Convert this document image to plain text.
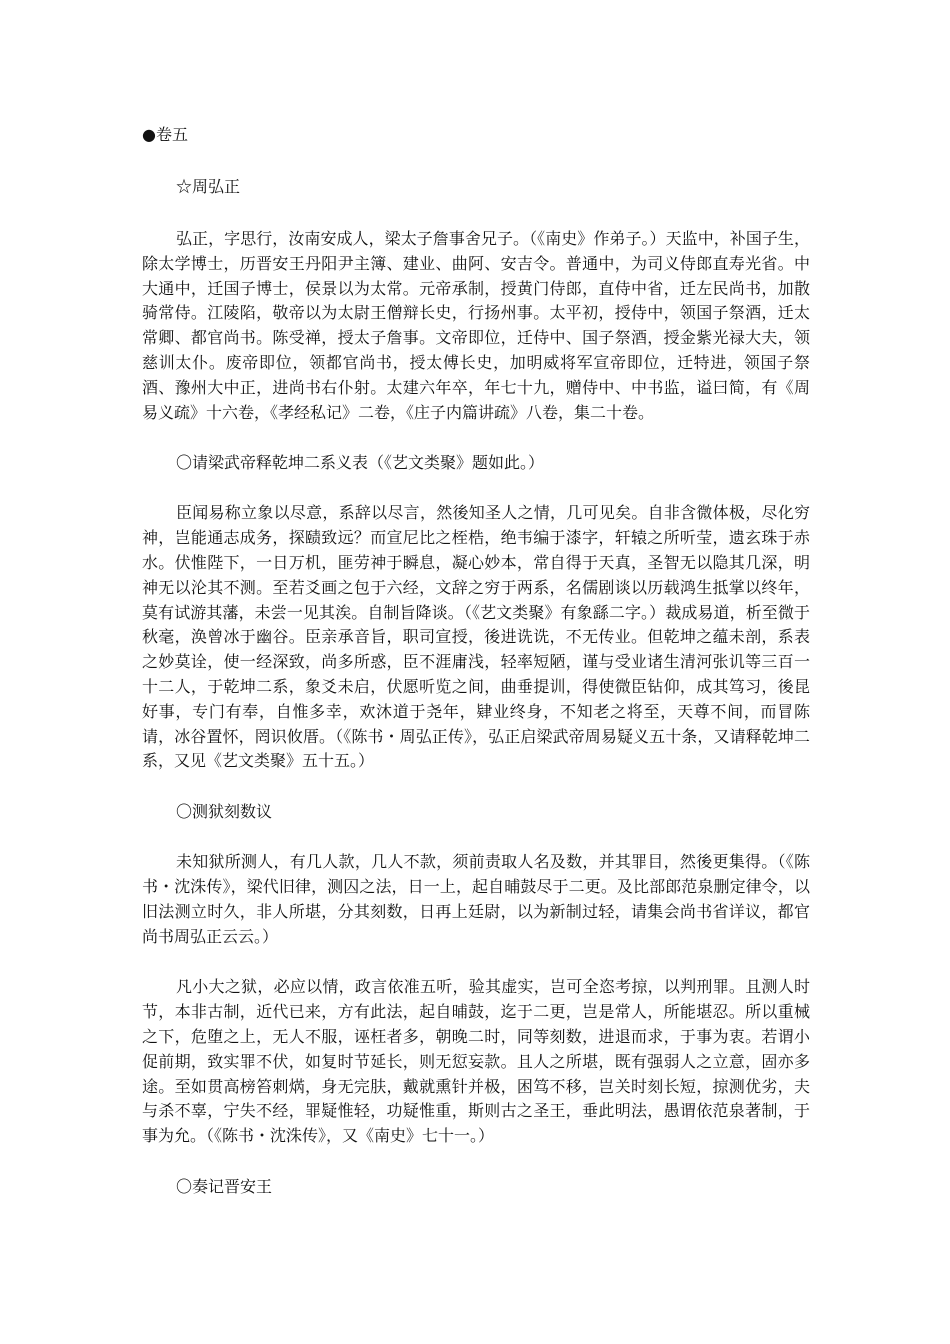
●卷五

☆周弘正

弘正，字思行，汝南安成人，梁太子詹事舍兄子。（《南史》作弟子。）天监中，补国子生，除太学博士，历晋安王丹阳尹主簿、建业、曲阿、安吉令。普通中，为司义侍郎直寿光省。中大通中，迁国子博士，侯景以为太常。元帝承制，授黄门侍郎，直侍中省，迁左民尚书，加散骑常侍。江陵陷，敬帝以为太尉王僧辩长史，行扬州事。太平初，授侍中，领国子祭酒，迁太常卿、都官尚书。陈受禅，授太子詹事。文帝即位，迁侍中、国子祭酒，授金紫光禄大夫，领慈训太仆。废帝即位，领都官尚书，授太傅长史，加明威将军宣帝即位，迁特进，领国子祭酒、豫州大中正，进尚书右仆射。太建六年卒，年七十九，赠侍中、中书监，谥曰简，有《周易义疏》十六卷，《孝经私记》二卷，《庄子内篇讲疏》八卷，集二十卷。

〇请梁武帝释乾坤二系义表（《艺文类聚》题如此。）

臣闻易称立象以尽意，系辞以尽言，然後知圣人之情，几可见矣。自非含微体极，尽化穷神，岂能通志成务，探赜致远？而宣尼比之桎梏，绝韦编于漆字，轩辕之所听莹，遗玄珠于赤水。伏惟陛下，一日万机，匪劳神于瞬息，凝心妙本，常自得于天真，圣智无以隐其几深，明神无以沦其不测。至若爻画之包于六经，文辞之穷于两系，名儒剧谈以历载鸿生抵掌以终年，莫有试游其藩，未尝一见其涘。自制旨降谈。（《艺文类聚》有象繇二字。）裁成易道，析至微于秋毫，涣曾冰于幽谷。臣亲承音旨，职司宣授，後进诜诜，不无传业。但乾坤之蕴未剖，系表之妙莫诠，使一经深致，尚多所惑，臣不涯庸浅，轻率短陋，谨与受业诸生清河张讥等三百一十二人，于乾坤二系，象爻未启，伏愿听览之间，曲垂提训，得使微臣钻仰，成其笃习，後昆好事，专门有奉，自惟多幸，欢沐道于尧年，肄业终身，不知老之将至，天尊不间，而冒陈请，冰谷置怀，罔识攸厝。（《陈书・周弘正传》，弘正启梁武帝周易疑义五十条，又请释乾坤二系，又见《艺文类聚》五十五。）

〇测狱刻数议

未知狱所测人，有几人款，几人不款，须前责取人名及数，并其罪目，然後更集得。（《陈书・沈洙传》，梁代旧律，测囚之法，日一上，起自晡鼓尽于二更。及比部郎范泉删定律令，以旧法测立时久，非人所堪，分其刻数，日再上廷尉，以为新制过轻，请集会尚书省详议，都官尚书周弘正云云。）

凡小大之狱，必应以情，政言依准五听，验其虚实，岂可全恣考掠，以判刑罪。且测人时节，本非古制，近代已来，方有此法，起自晡鼓，迄于二更，岂是常人，所能堪忍。所以重械之下，危堕之上，无人不服，诬枉者多，朝晚二时，同等刻数，进退而求，于事为衷。若谓小促前期，致实罪不伏，如复时节延长，则无愆妄款。且人之所堪，既有强弱人之立意，固亦多途。至如贯高榜笞刺焫，身无完肤，戴就熏针并极，困笃不移，岂关时刻长短，掠测优劣，夫与杀不辜，宁失不经，罪疑惟轻，功疑惟重，斯则古之圣王，垂此明法，愚谓依范泉著制，于事为允。（《陈书・沈洙传》，又《南史》七十一。）

〇奏记晋安王
